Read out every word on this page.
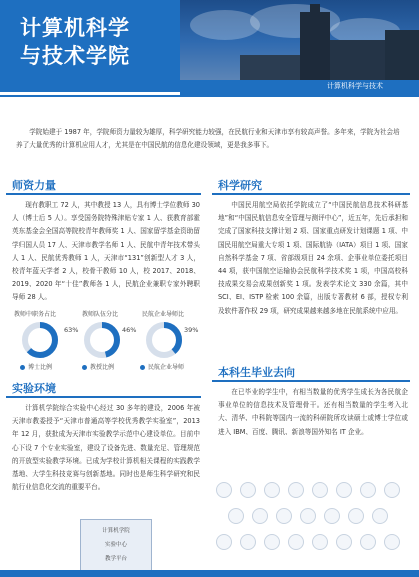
计算机科学
与技术学院
计算机科学与技术

学院始建于 1987 年，学院师资力量较为雄厚，科学研究能力较强，在民航行业和天津市享有较高声誉。多年来，学院为社会培养了大量优秀的计算机应用人才，尤其是在中国民航的信息化建设领域，更是我多事下。

师资力量

现有教职工 72 人，其中教授 13 人，具有博士学位教师 30 人（博士后 5 人）。享受国务院特殊津贴专家 1 人、获教育部霍英东基金会全国高等院校青年教师奖 1 人、国家留学基金资助留学归国人员 17 人、天津市教学名师 1 人、民航中青年技术带头人 1 人、民航优秀教师 1 人，天津市“131”创新型人才 3 人，校青年蓝天学者 2 人，校骨干教师 10 人，校 2017、2018、2019、2020 年“十佳”教师各 1 人，民航企业兼职专家外聘职导师 28 人。

教师中职务占比	教师队伍分比	民航企业导师比
63%	46%	39%
博士比例	教授比例	民航企业导师
实验环境

计算机学院综合实验中心经过 30 多年的建设，2006 年被天津市教委授予“天津市普通高等学校优秀教学实验室”，2013 年 12 月，获批成为天津市实验教学示范中心建设单位。目前中心下设 7 个专业实验室，建设了设备先进、数量充足、管理规范的开放型实验教学环境。已成为学校计算机相关课程的实践教学基地、大学生科技竞赛与创新基地。同时也是师生科学研究和民航行业信息化交流的重要平台。

计算机学院
实验中心
教学平台
科学研究

中国民用航空局依托学院成立了“中国民航信息技术科研基地”和“中国民航信息安全管理与测评中心”，近五年，先后承担和完成了国家科技支撑计划 2 项、国家重点研发计划课题 1 项、中国民用航空局重大专项 1 项、国际航协（IATA）项目 1 项、国家自然科学基金 7 项、省部级项目 24 余项、企事业单位委托项目 44 项，获中国航空运输协会民航科学技术奖 1 项，中国高校科技成果交易会成果创新奖 1 项。发表学术论文 330 余篇，其中 SCI、EI、ISTP 检索 100 余篇，出版专著教材 6 部，授权专利及软件著作权 29 项，研究成果越来越多地在民航系统中应用。

本科生毕业去向

在已毕业的学生中，有相当数量的优秀学生成长为各民航企事业单位的信息技术及管理骨干。还有相当数量的学生考入北大、清华、中科院等国内一流的科研院所攻读硕士或博士学位或进入 IBM、百度、腾讯、新浪等国外知名 IT 企业。
